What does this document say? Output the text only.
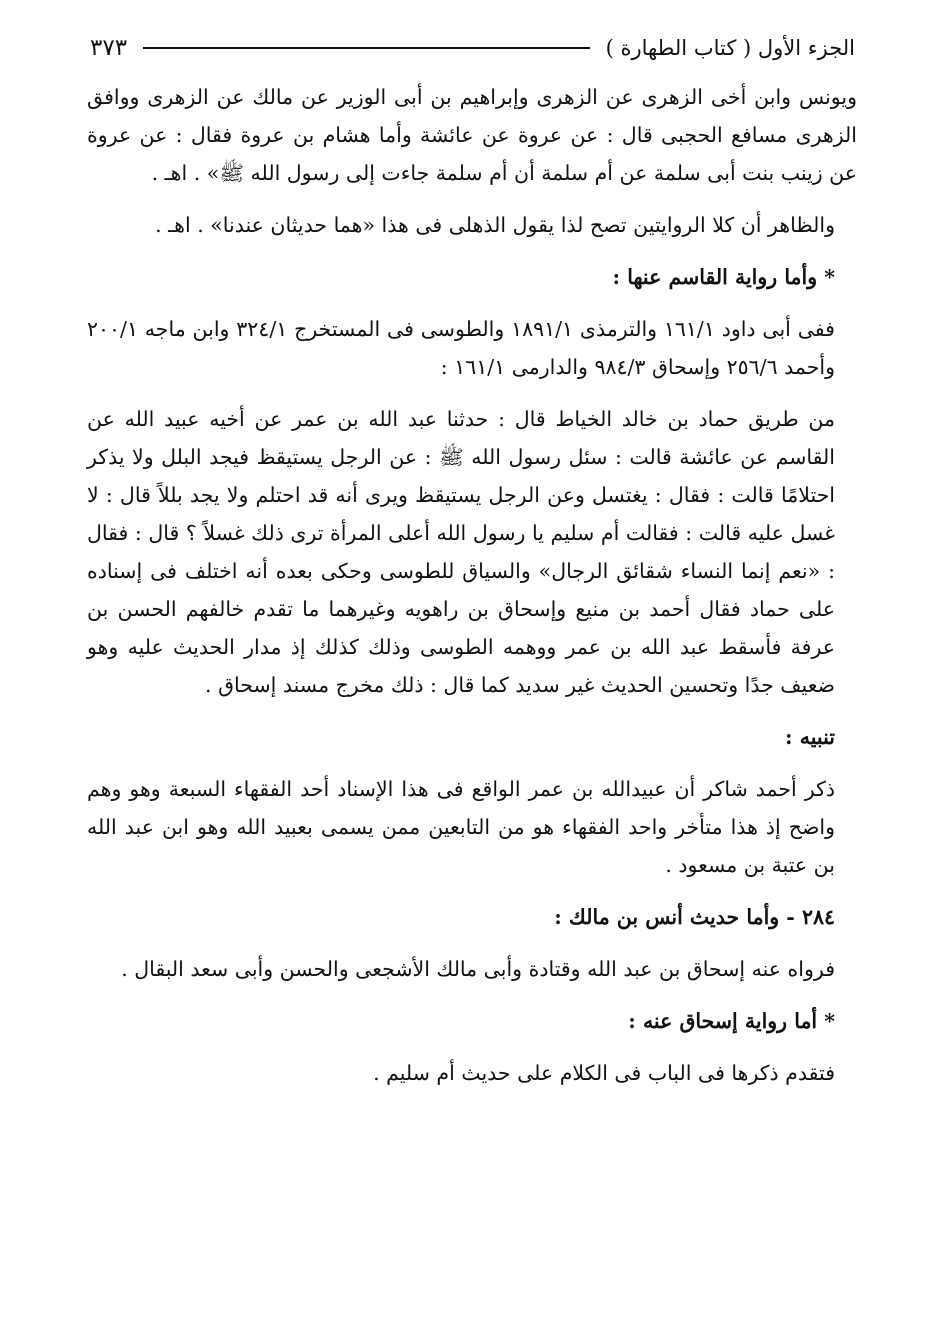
الجزء الأول ( كتاب الطهارة )
٣٧٣

ويونس وابن أخى الزهرى عن الزهرى وإبراهيم بن أبى الوزير عن مالك عن الزهرى ووافق الزهرى مسافع الحجبى قال : عن عروة عن عائشة وأما هشام بن عروة فقال : عن عروة عن زينب بنت أبى سلمة عن أم سلمة أن أم سلمة جاءت إلى رسول الله ﷺ» . اهـ .

والظاهر أن كلا الروايتين تصح لذا يقول الذهلى فى هذا «هما حديثان عندنا» . اهـ .

* وأما رواية القاسم عنها :

ففى أبى داود ١٦١/١ والترمذى ١٨٩١/١ والطوسى فى المستخرج ٣٢٤/١ وابن ماجه ٢٠٠/١ وأحمد ٢٥٦/٦ وإسحاق ٩٨٤/٣ والدارمى ١٦١/١ :

من طريق حماد بن خالد الخياط قال : حدثنا عبد الله بن عمر عن أخيه عبيد الله عن القاسم عن عائشة قالت : سئل رسول الله ﷺ : عن الرجل يستيقظ فيجد البلل ولا يذكر احتلامًا قالت : فقال : يغتسل وعن الرجل يستيقظ ويرى أنه قد احتلم ولا يجد بللاً قال : لا غسل عليه قالت : فقالت أم سليم يا رسول الله أعلى المرأة ترى ذلك غسلاً ؟ قال : فقال : «نعم إنما النساء شقائق الرجال» والسياق للطوسى وحكى بعده أنه اختلف فى إسناده على حماد فقال أحمد بن منيع وإسحاق بن راهويه وغيرهما ما تقدم خالفهم الحسن بن عرفة فأسقط عبد الله بن عمر ووهمه الطوسى وذلك كذلك إذ مدار الحديث عليه وهو ضعيف جدًا وتحسين الحديث غير سديد كما قال : ذلك مخرج مسند إسحاق .

تنبيه :

ذكر أحمد شاكر أن عبيدالله بن عمر الواقع فى هذا الإسناد أحد الفقهاء السبعة وهو وهم واضح إذ هذا متأخر واحد الفقهاء هو من التابعين ممن يسمى بعبيد الله وهو ابن عبد الله بن عتبة بن مسعود .

٢٨٤ - وأما حديث أنس بن مالك :

فرواه عنه إسحاق بن عبد الله وقتادة وأبى مالك الأشجعى والحسن وأبى سعد البقال .

* أما رواية إسحاق عنه :

فتقدم ذكرها فى الباب فى الكلام على حديث أم سليم .
